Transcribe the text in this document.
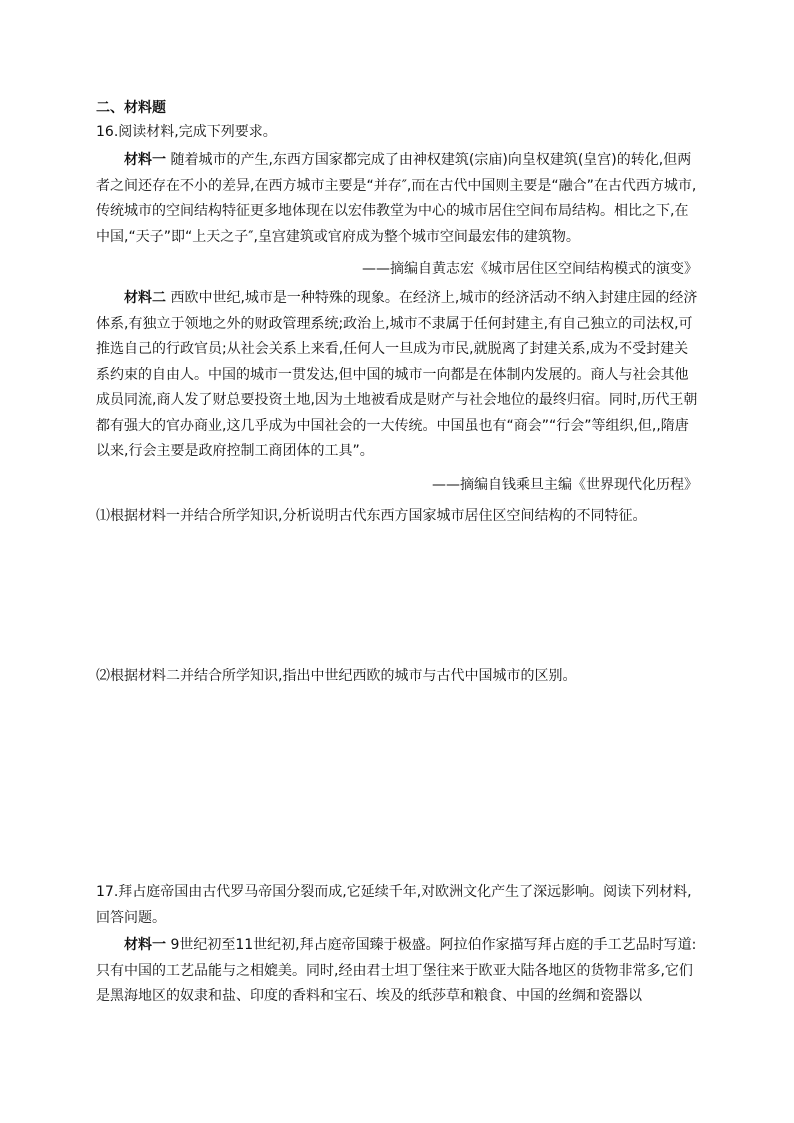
二、材料题
16.阅读材料,完成下列要求。
材料一 随着城市的产生,东西方国家都完成了由神权建筑(宗庙)向皇权建筑(皇宫)的转化,但两者之间还存在不小的差异,在西方城市主要是“并存″,而在古代中国则主要是“融合”在古代西方城市,传统城市的空间结构特征更多地体现在以宏伟教堂为中心的城市居住空间布局结构。相比之下,在中国,“天子”即“上天之子″,皇宫建筑或官府成为整个城市空间最宏伟的建筑物。
——摘编自黄志宏《城市居住区空间结构模式的演变》
材料二 西欧中世纪,城市是一种特殊的现象。在经济上,城市的经济活动不纳入封建庄园的经济体系,有独立于领地之外的财政管理系统;政治上,城市不隶属于任何封建主,有自己独立的司法权,可推选自己的行政官员;从社会关系上来看,任何人一旦成为市民,就脱离了封建关系,成为不受封建关系约束的自由人。中国的城市一贯发达,但中国的城市一向都是在体制内发展的。商人与社会其他成员同流,商人发了财总要投资土地,因为土地被看成是财产与社会地位的最终归宿。同时,历代王朝都有强大的官办商业,这几乎成为中国社会的一大传统。中国虽也有“商会”“行会”等组织,但,,隋唐以来,行会主要是政府控制工商团体的工具”。
——摘编自钱乘旦主编《世界现代化历程》
⑴根据材料一并结合所学知识,分析说明古代东西方国家城市居住区空间结构的不同特征。
⑵根据材料二并结合所学知识,指出中世纪西欧的城市与古代中国城市的区别。
17.拜占庭帝国由古代罗马帝国分裂而成,它延续千年,对欧洲文化产生了深远影响。阅读下列材料,回答问题。
材料一 9世纪初至11世纪初,拜占庭帝国臻于极盛。阿拉伯作家描写拜占庭的手工艺品时写道:只有中国的工艺品能与之相媲美。同时,经由君士坦丁堡往来于欧亚大陆各地区的货物非常多,它们是黑海地区的奴隶和盐、印度的香料和宝石、埃及的纸莎草和粮食、中国的丝绸和瓷器以
